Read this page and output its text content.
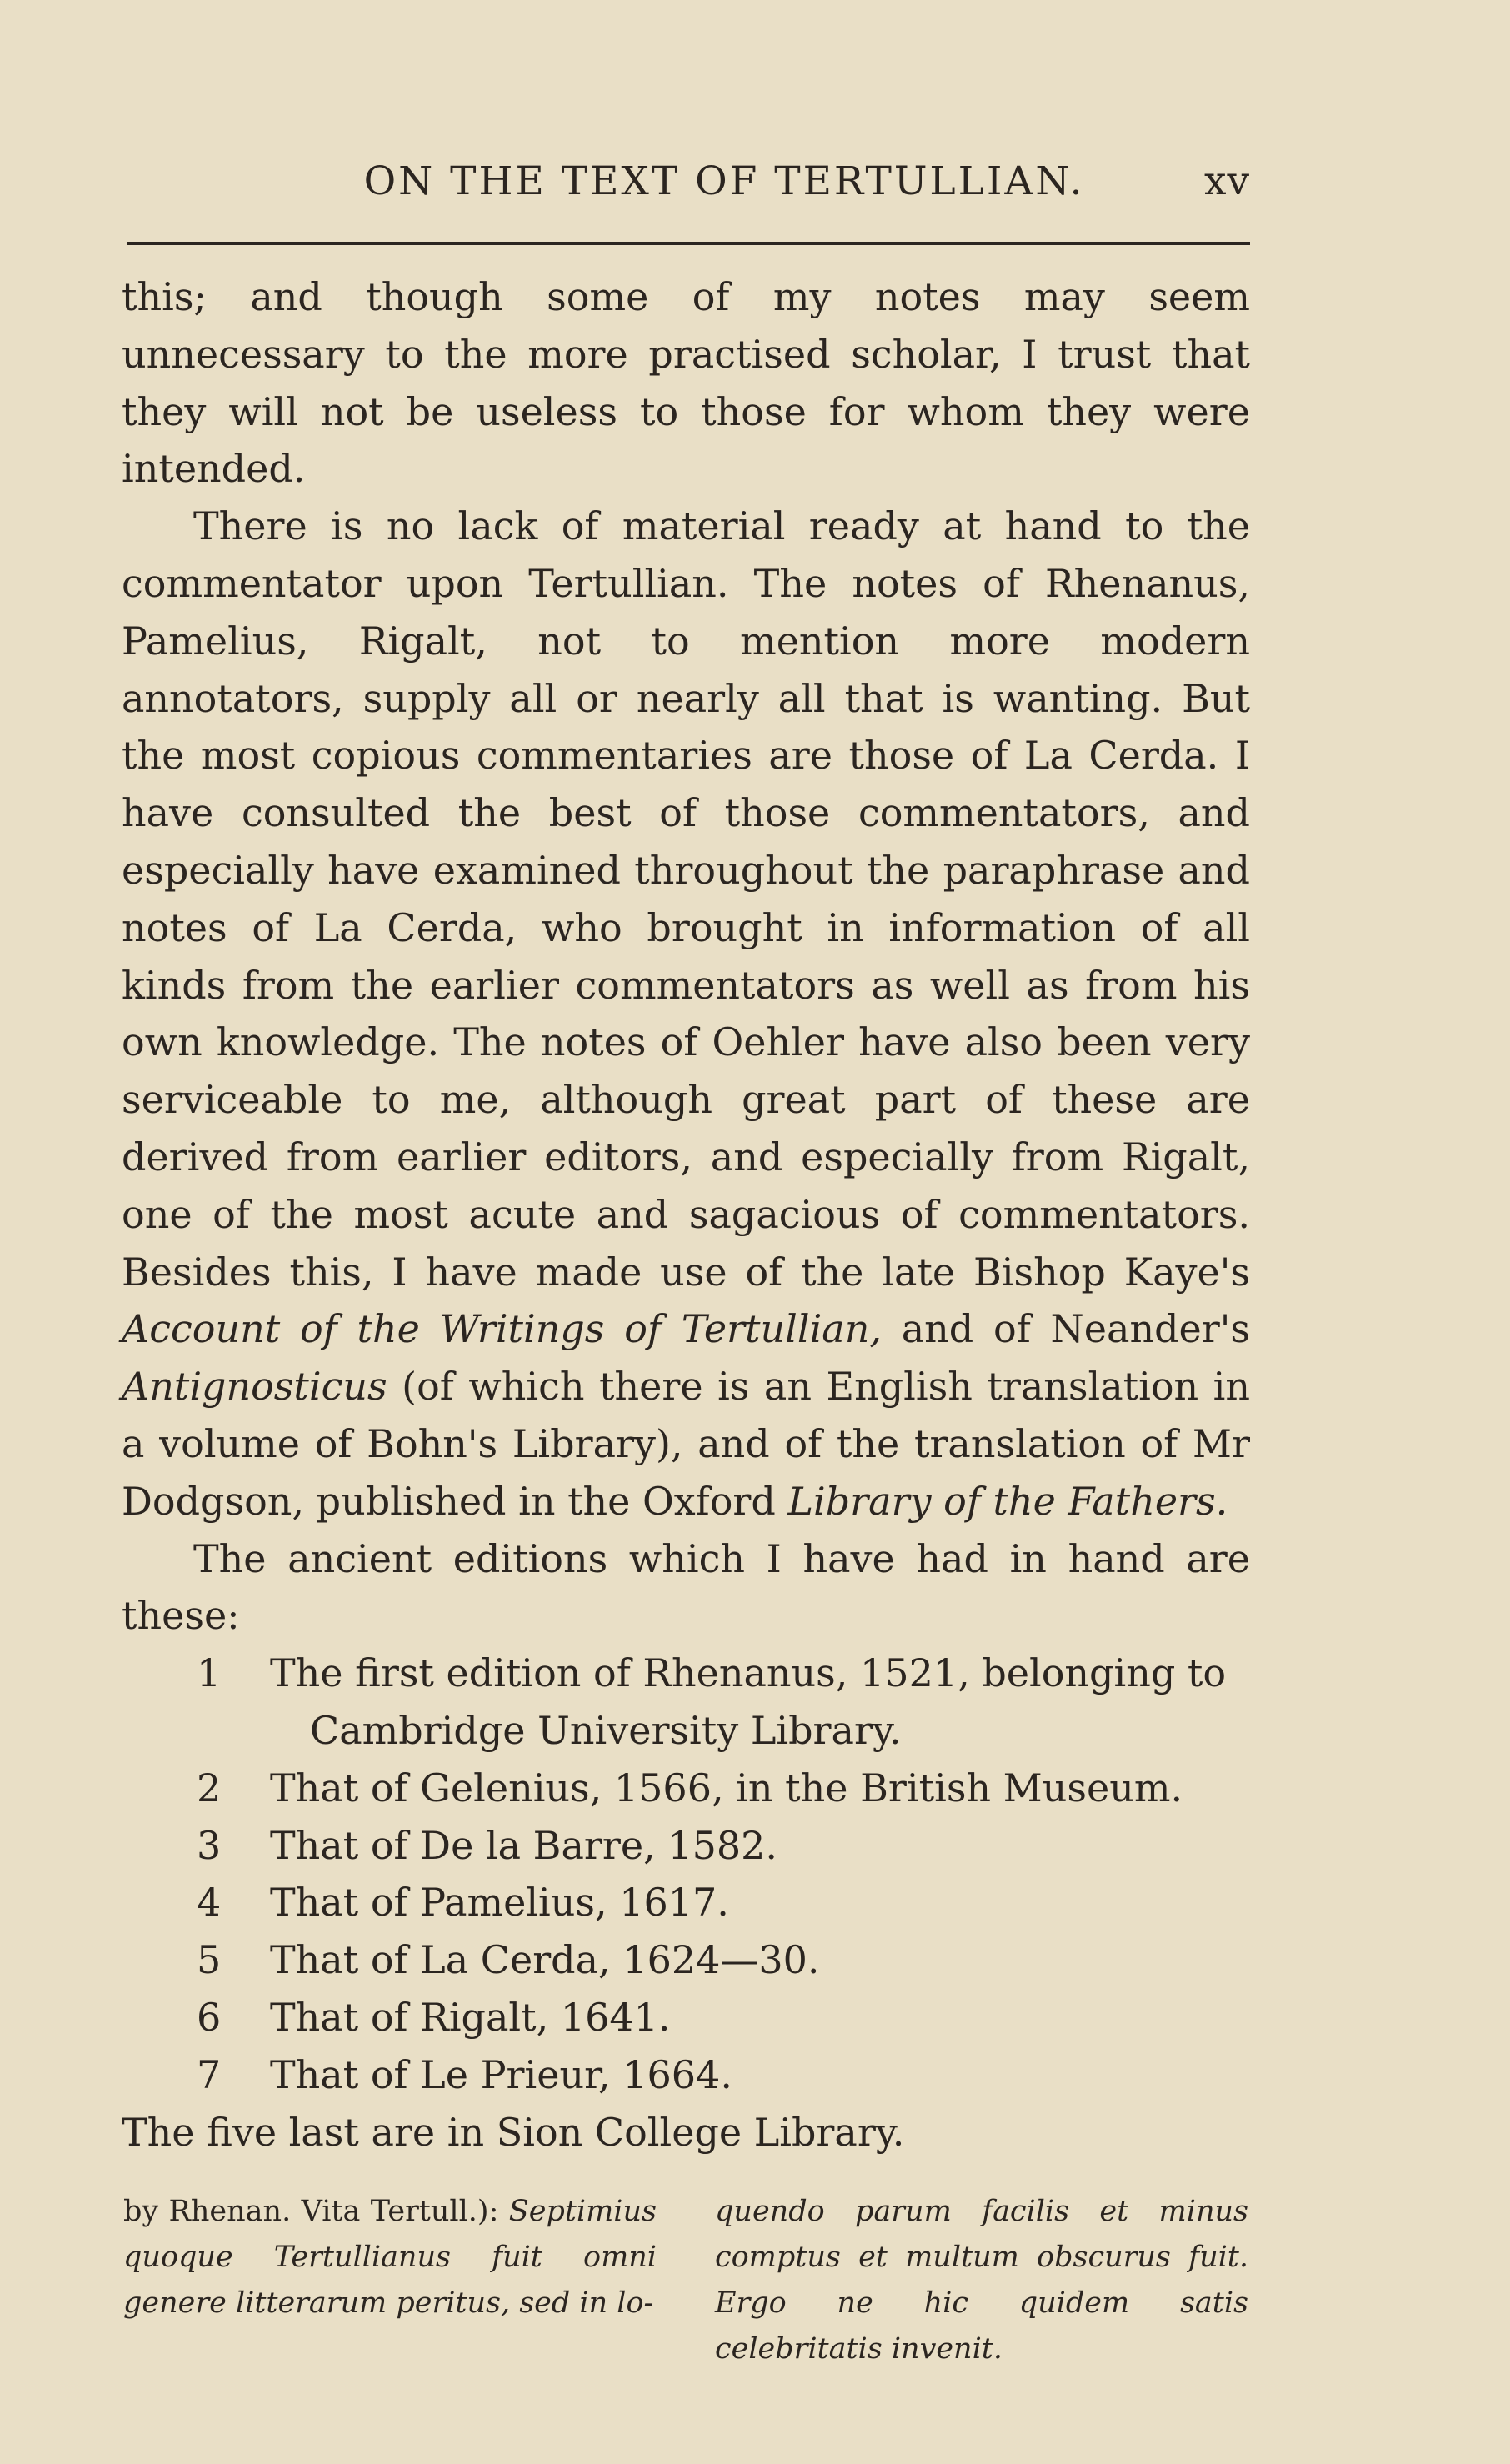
ON THE TEXT OF TERTULLIAN.	xv

this; and though some of my notes may seem unnecessary to the more practised scholar, I trust that they will not be useless to those for whom they were intended.

There is no lack of material ready at hand to the commentator upon Tertullian. The notes of Rhenanus, Pamelius, Rigalt, not to mention more modern annotators, supply all or nearly all that is wanting. But the most copious commentaries are those of La Cerda. I have consulted the best of those commentators, and especially have examined throughout the paraphrase and notes of La Cerda, who brought in information of all kinds from the earlier commentators as well as from his own knowledge. The notes of Oehler have also been very serviceable to me, although great part of these are derived from earlier editors, and especially from Rigalt, one of the most acute and sagacious of commentators. Besides this, I have made use of the late Bishop Kaye's Account of the Writings of Tertullian, and of Neander's Antignosticus (of which there is an English translation in a volume of Bohn's Library), and of the translation of Mr Dodgson, published in the Oxford Library of the Fathers.

The ancient editions which I have had in hand are these:

1 The first edition of Rhenanus, 1521, belonging to
Cambridge University Library.
2 That of Gelenius, 1566, in the British Museum.
3 That of De la Barre, 1582.
4 That of Pamelius, 1617.
5 That of La Cerda, 1624—30.
6 That of Rigalt, 1641.
7 That of Le Prieur, 1664.

The five last are in Sion College Library.

by Rhenan. Vita Tertull.): Septimius quoque Tertullianus fuit omni genere litterarum peritus, sed in lo-
quendo parum facilis et minus comptus et multum obscurus fuit. Ergo ne hic quidem satis celebritatis invenit.
